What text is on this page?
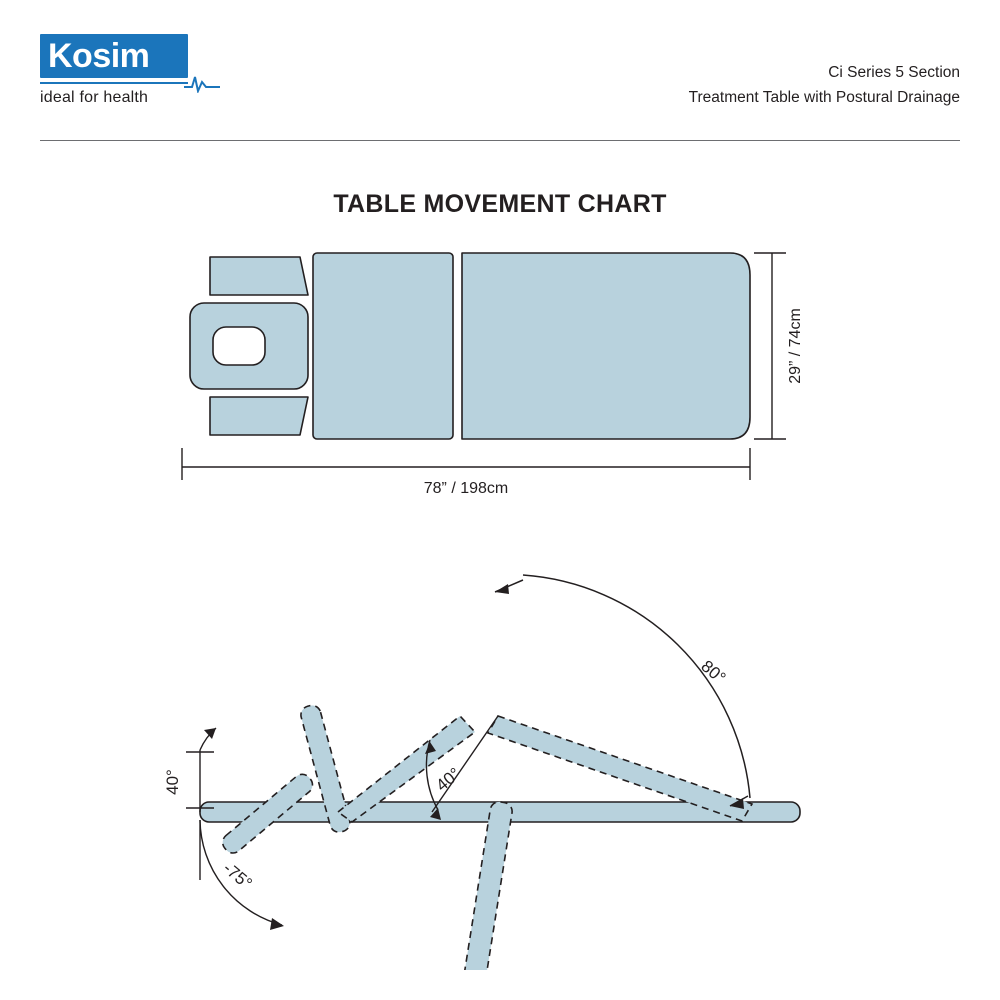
Kosim
ideal for health
Ci Series 5 Section
Treatment Table with Postural Drainage
TABLE MOVEMENT CHART
78” / 198cm
29” / 74cm
80°
40°
40°
-75°
